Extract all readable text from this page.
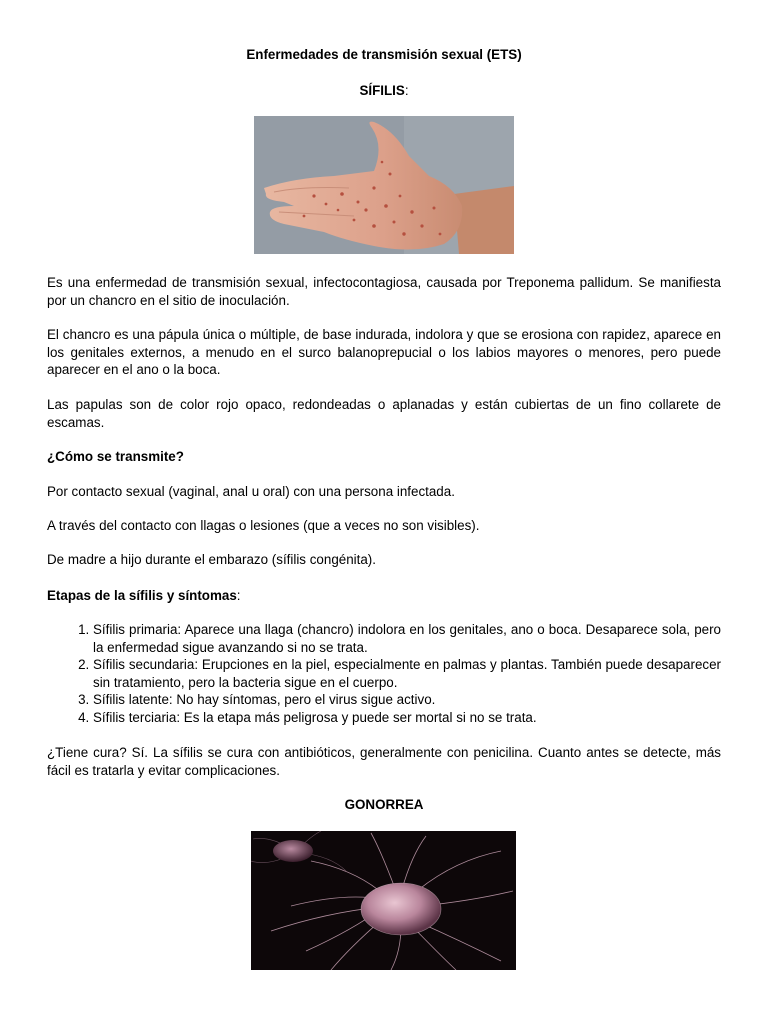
Enfermedades de transmisión sexual (ETS)
SÍFILIS:

Es una enfermedad de transmisión sexual, infectocontagiosa, causada por Treponema pallidum. Se manifiesta por un chancro en el sitio de inoculación.

El chancro es una pápula única o múltiple, de base indurada, indolora y que se erosiona con rapidez, aparece en los genitales externos, a menudo en el surco balanoprepucial o los labios mayores o menores, pero puede aparecer en el ano o la boca.

Las papulas son de color rojo opaco, redondeadas o aplanadas y están cubiertas de un fino collarete de escamas.

¿Cómo se transmite?

Por contacto sexual (vaginal, anal u oral) con una persona infectada.

A través del contacto con llagas o lesiones (que a veces no son visibles).

De madre a hijo durante el embarazo (sífilis congénita).

Etapas de la sífilis y síntomas:
1. Sífilis primaria: Aparece una llaga (chancro) indolora en los genitales, ano o boca. Desaparece sola, pero la enfermedad sigue avanzando si no se trata.
2. Sífilis secundaria: Erupciones en la piel, especialmente en palmas y plantas. También puede desaparecer sin tratamiento, pero la bacteria sigue en el cuerpo.
3. Sífilis latente: No hay síntomas, pero el virus sigue activo.
4. Sífilis terciaria: Es la etapa más peligrosa y puede ser mortal si no se trata.

¿Tiene cura? Sí. La sífilis se cura con antibióticos, generalmente con penicilina. Cuanto antes se detecte, más fácil es tratarla y evitar complicaciones.

GONORREA
